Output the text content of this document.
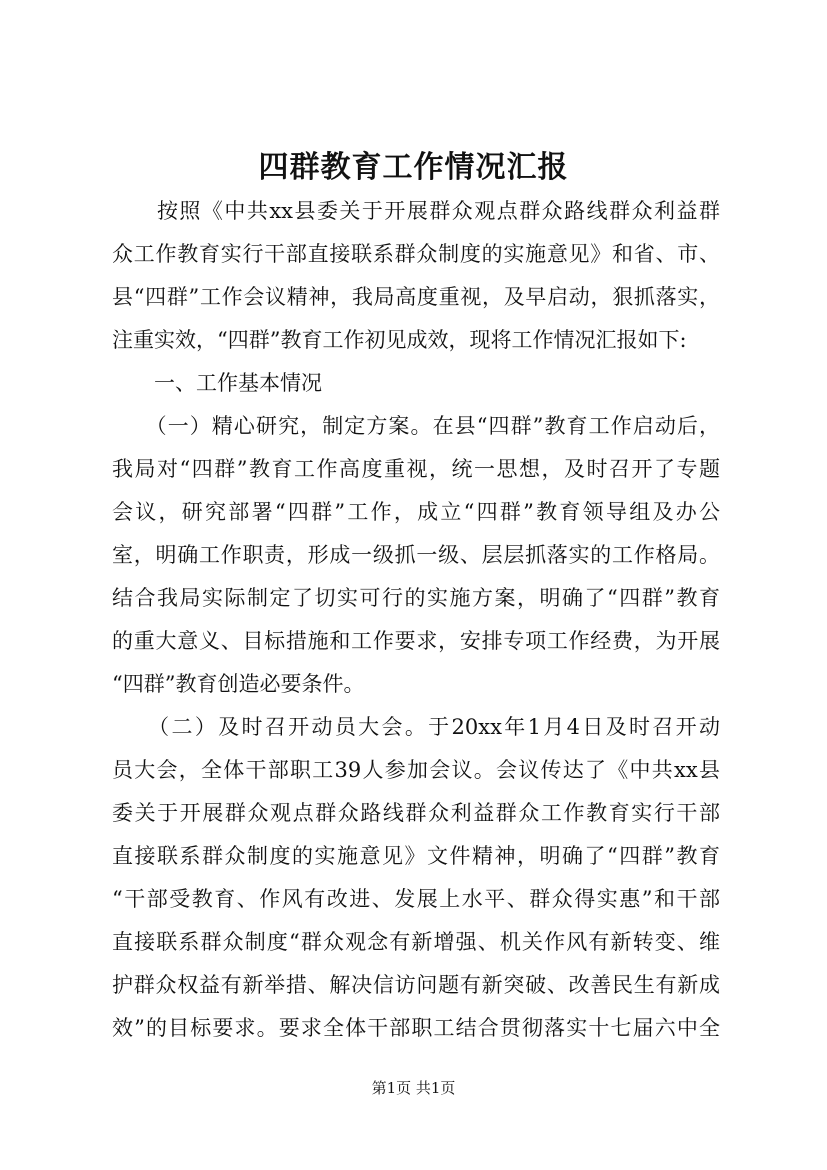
四群教育工作情况汇报
　　按照《中共xx县委关于开展群众观点群众路线群众利益群
众工作教育实行干部直接联系群众制度的实施意见》和省、市、
县“四群”工作会议精神，我局高度重视，及早启动，狠抓落实，
注重实效，“四群”教育工作初见成效，现将工作情况汇报如下:
　　一、工作基本情况
　　（一）精心研究，制定方案。在县“四群”教育工作启动后，
我局对“四群”教育工作高度重视，统一思想，及时召开了专题
会议，研究部署“四群”工作，成立“四群”教育领导组及办公
室，明确工作职责，形成一级抓一级、层层抓落实的工作格局。
结合我局实际制定了切实可行的实施方案，明确了“四群”教育
的重大意义、目标措施和工作要求，安排专项工作经费，为开展
“四群”教育创造必要条件。
　　（二）及时召开动员大会。于20xx年1月4日及时召开动
员大会，全体干部职工39人参加会议。会议传达了《中共xx县
委关于开展群众观点群众路线群众利益群众工作教育实行干部
直接联系群众制度的实施意见》文件精神，明确了“四群”教育
“干部受教育、作风有改进、发展上水平、群众得实惠”和干部
直接联系群众制度“群众观念有新增强、机关作风有新转变、维
护群众权益有新举措、解决信访问题有新突破、改善民生有新成
效”的目标要求。要求全体干部职工结合贯彻落实十七届六中全
第1页 共1页
